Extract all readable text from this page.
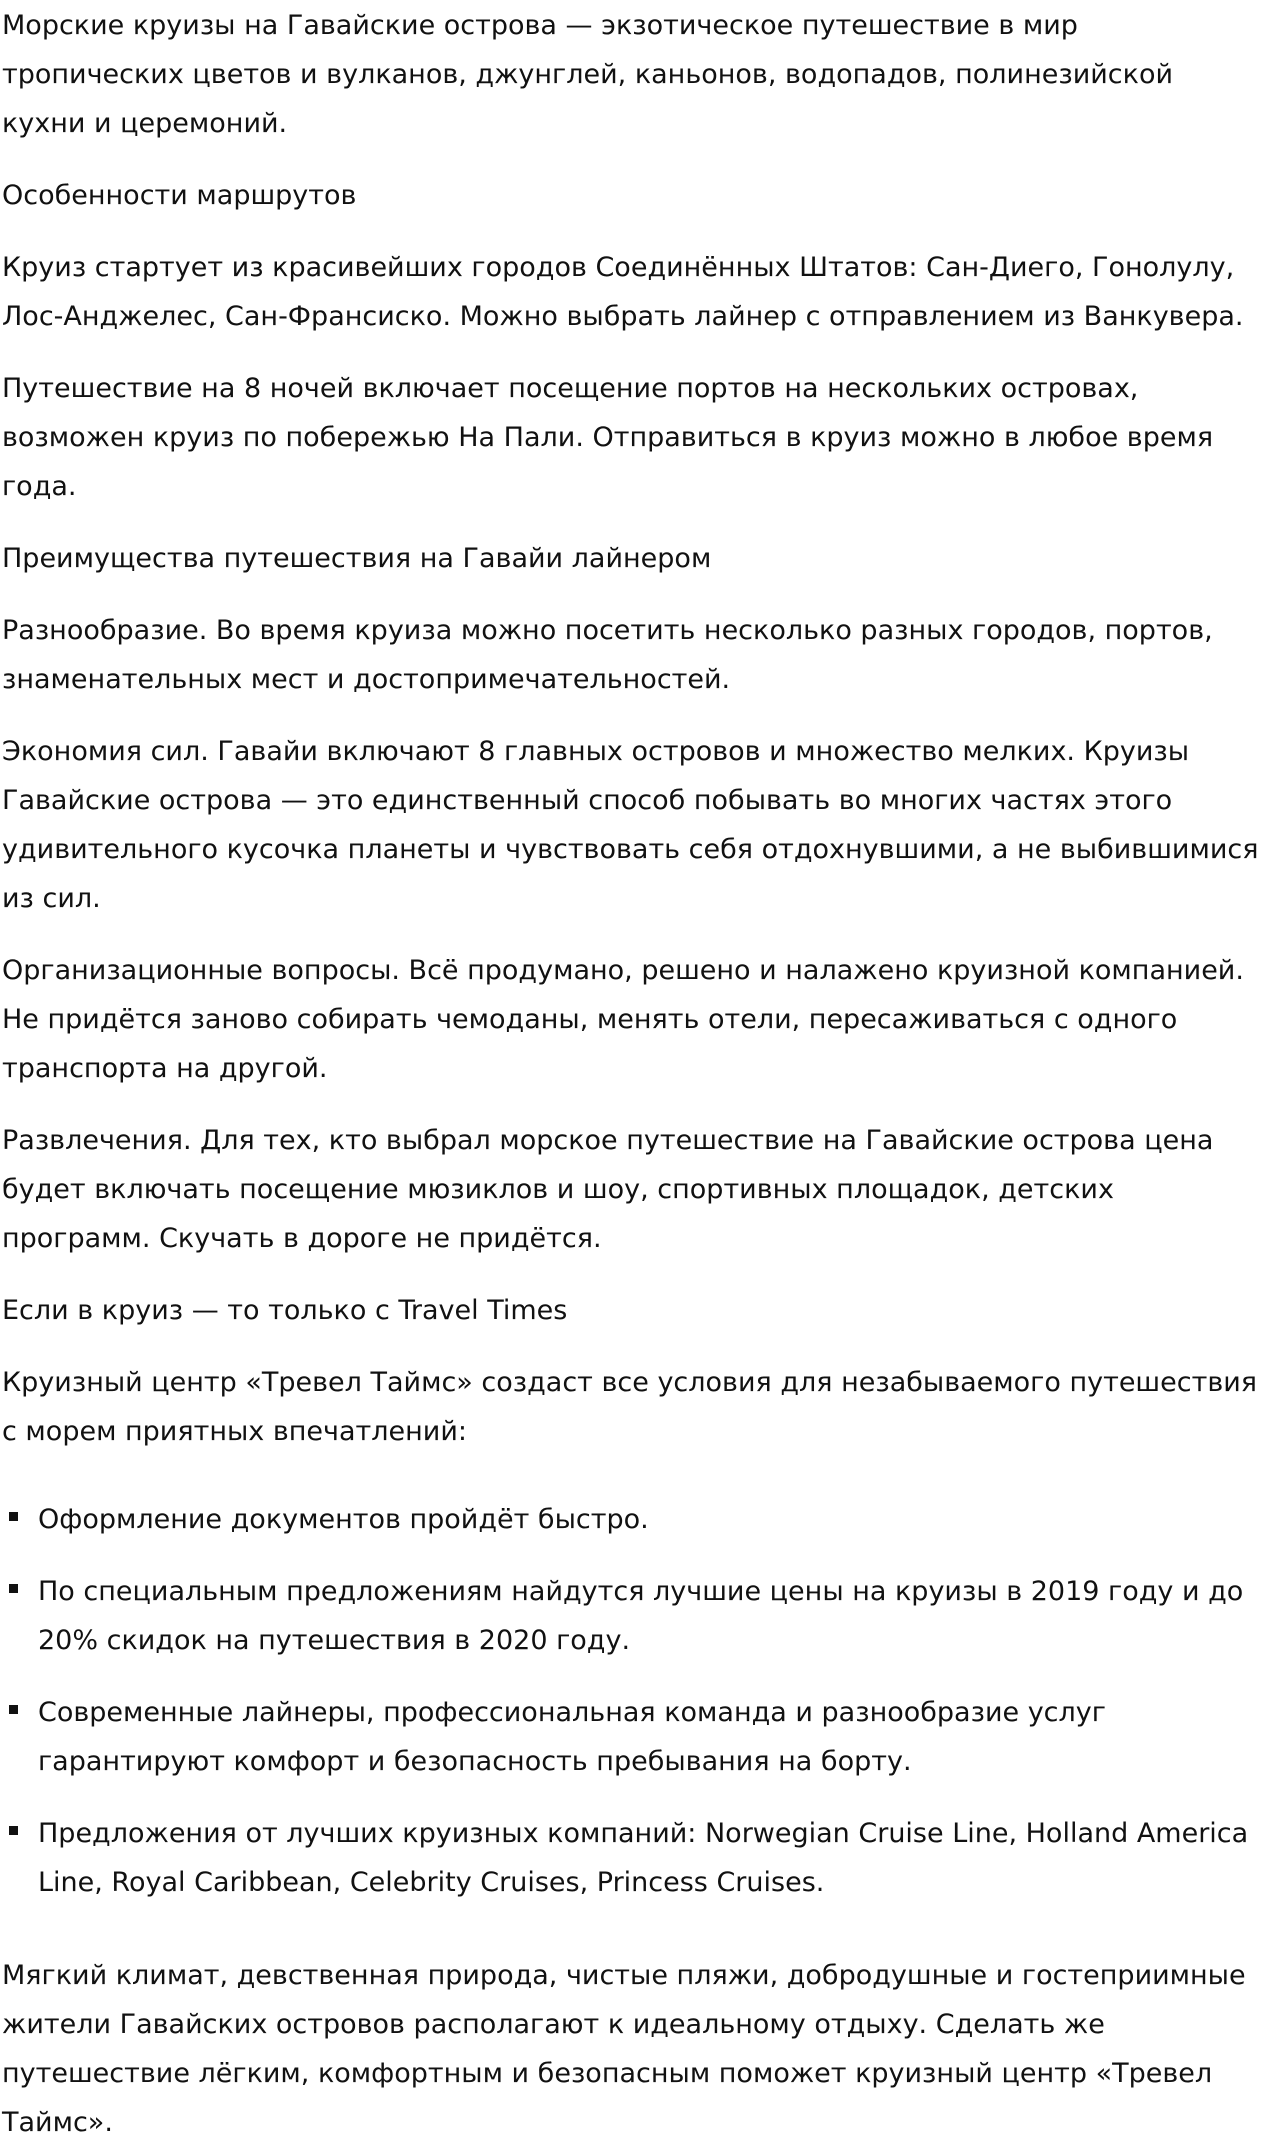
Морские круизы на Гавайские острова — экзотическое путешествие в мир тропических цветов и вулканов, джунглей, каньонов, водопадов, полинезийской кухни и церемоний.

Особенности маршрутов

Круиз стартует из красивейших городов Соединённых Штатов: Сан-Диего, Гонолулу, Лос-Анджелес, Сан-Франсиско. Можно выбрать лайнер с отправлением из Ванкувера.

Путешествие на 8 ночей включает посещение портов на нескольких островах, возможен круиз по побережью На Пали. Отправиться в круиз можно в любое время года.

Преимущества путешествия на Гавайи лайнером

Разнообразие. Во время круиза можно посетить несколько разных городов, портов, знаменательных мест и достопримечательностей.

Экономия сил. Гавайи включают 8 главных островов и множество мелких. Круизы Гавайские острова — это единственный способ побывать во многих частях этого удивительного кусочка планеты и чувствовать себя отдохнувшими, а не выбившимися из сил.

Организационные вопросы. Всё продумано, решено и налажено круизной компанией. Не придётся заново собирать чемоданы, менять отели, пересаживаться с одного транспорта на другой.

Развлечения. Для тех, кто выбрал морское путешествие на Гавайские острова цена будет включать посещение мюзиклов и шоу, спортивных площадок, детских программ. Скучать в дороге не придётся.

Если в круиз — то только с Travel Times

Круизный центр «Тревел Таймс» создаст все условия для незабываемого путешествия с морем приятных впечатлений:

Оформление документов пройдёт быстро.
По специальным предложениям найдутся лучшие цены на круизы в 2019 году и до 20% скидок на путешествия в 2020 году.
Современные лайнеры, профессиональная команда и разнообразие услуг гарантируют комфорт и безопасность пребывания на борту.
Предложения от лучших круизных компаний: Norwegian Cruise Line, Holland America Line, Royal Caribbean, Celebrity Cruises, Princess Cruises.

Мягкий климат, девственная природа, чистые пляжи, добродушные и гостеприимные жители Гавайских островов располагают к идеальному отдыху. Сделать же путешествие лёгким, комфортным и безопасным поможет круизный центр «Тревел Таймс».
